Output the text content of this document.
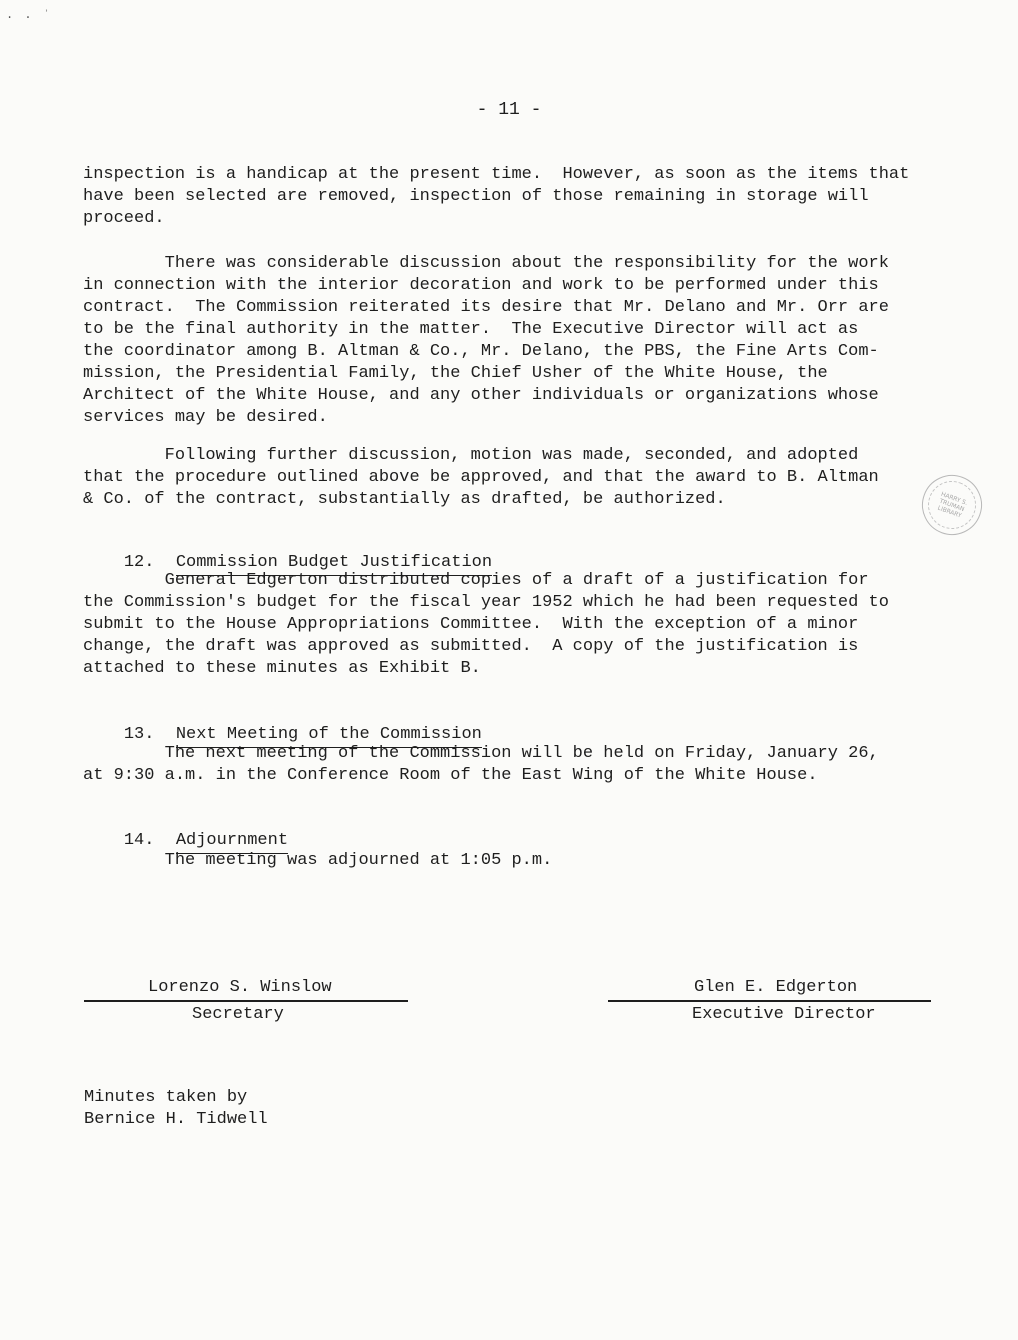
. . ʾ
- 11 -
inspection is a handicap at the present time.  However, as soon as the items that
have been selected are removed, inspection of those remaining in storage will
proceed.
There was considerable discussion about the responsibility for the work
in connection with the interior decoration and work to be performed under this
contract.  The Commission reiterated its desire that Mr. Delano and Mr. Orr are
to be the final authority in the matter.  The Executive Director will act as
the coordinator among B. Altman & Co., Mr. Delano, the PBS, the Fine Arts Com-
mission, the Presidential Family, the Chief Usher of the White House, the
Architect of the White House, and any other individuals or organizations whose
services may be desired.
Following further discussion, motion was made, seconded, and adopted
that the procedure outlined above be approved, and that the award to B. Altman
& Co. of the contract, substantially as drafted, be authorized.	HARRY S. TRUMAN LIBRARY

12. Commission Budget Justification

General Edgerton distributed copies of a draft of a justification for
the Commission's budget for the fiscal year 1952 which he had been requested to
submit to the House Appropriations Committee.  With the exception of a minor
change, the draft was approved as submitted.  A copy of the justification is
attached to these minutes as Exhibit B.

13. Next Meeting of the Commission

The next meeting of the Commission will be held on Friday, January 26,
at 9:30 a.m. in the Conference Room of the East Wing of the White House.

14. Adjournment

The meeting was adjourned at 1:05 p.m.
Lorenzo S. Winslow
Secretary
Glen E. Edgerton
Executive Director
Minutes taken by
Bernice H. Tidwell
